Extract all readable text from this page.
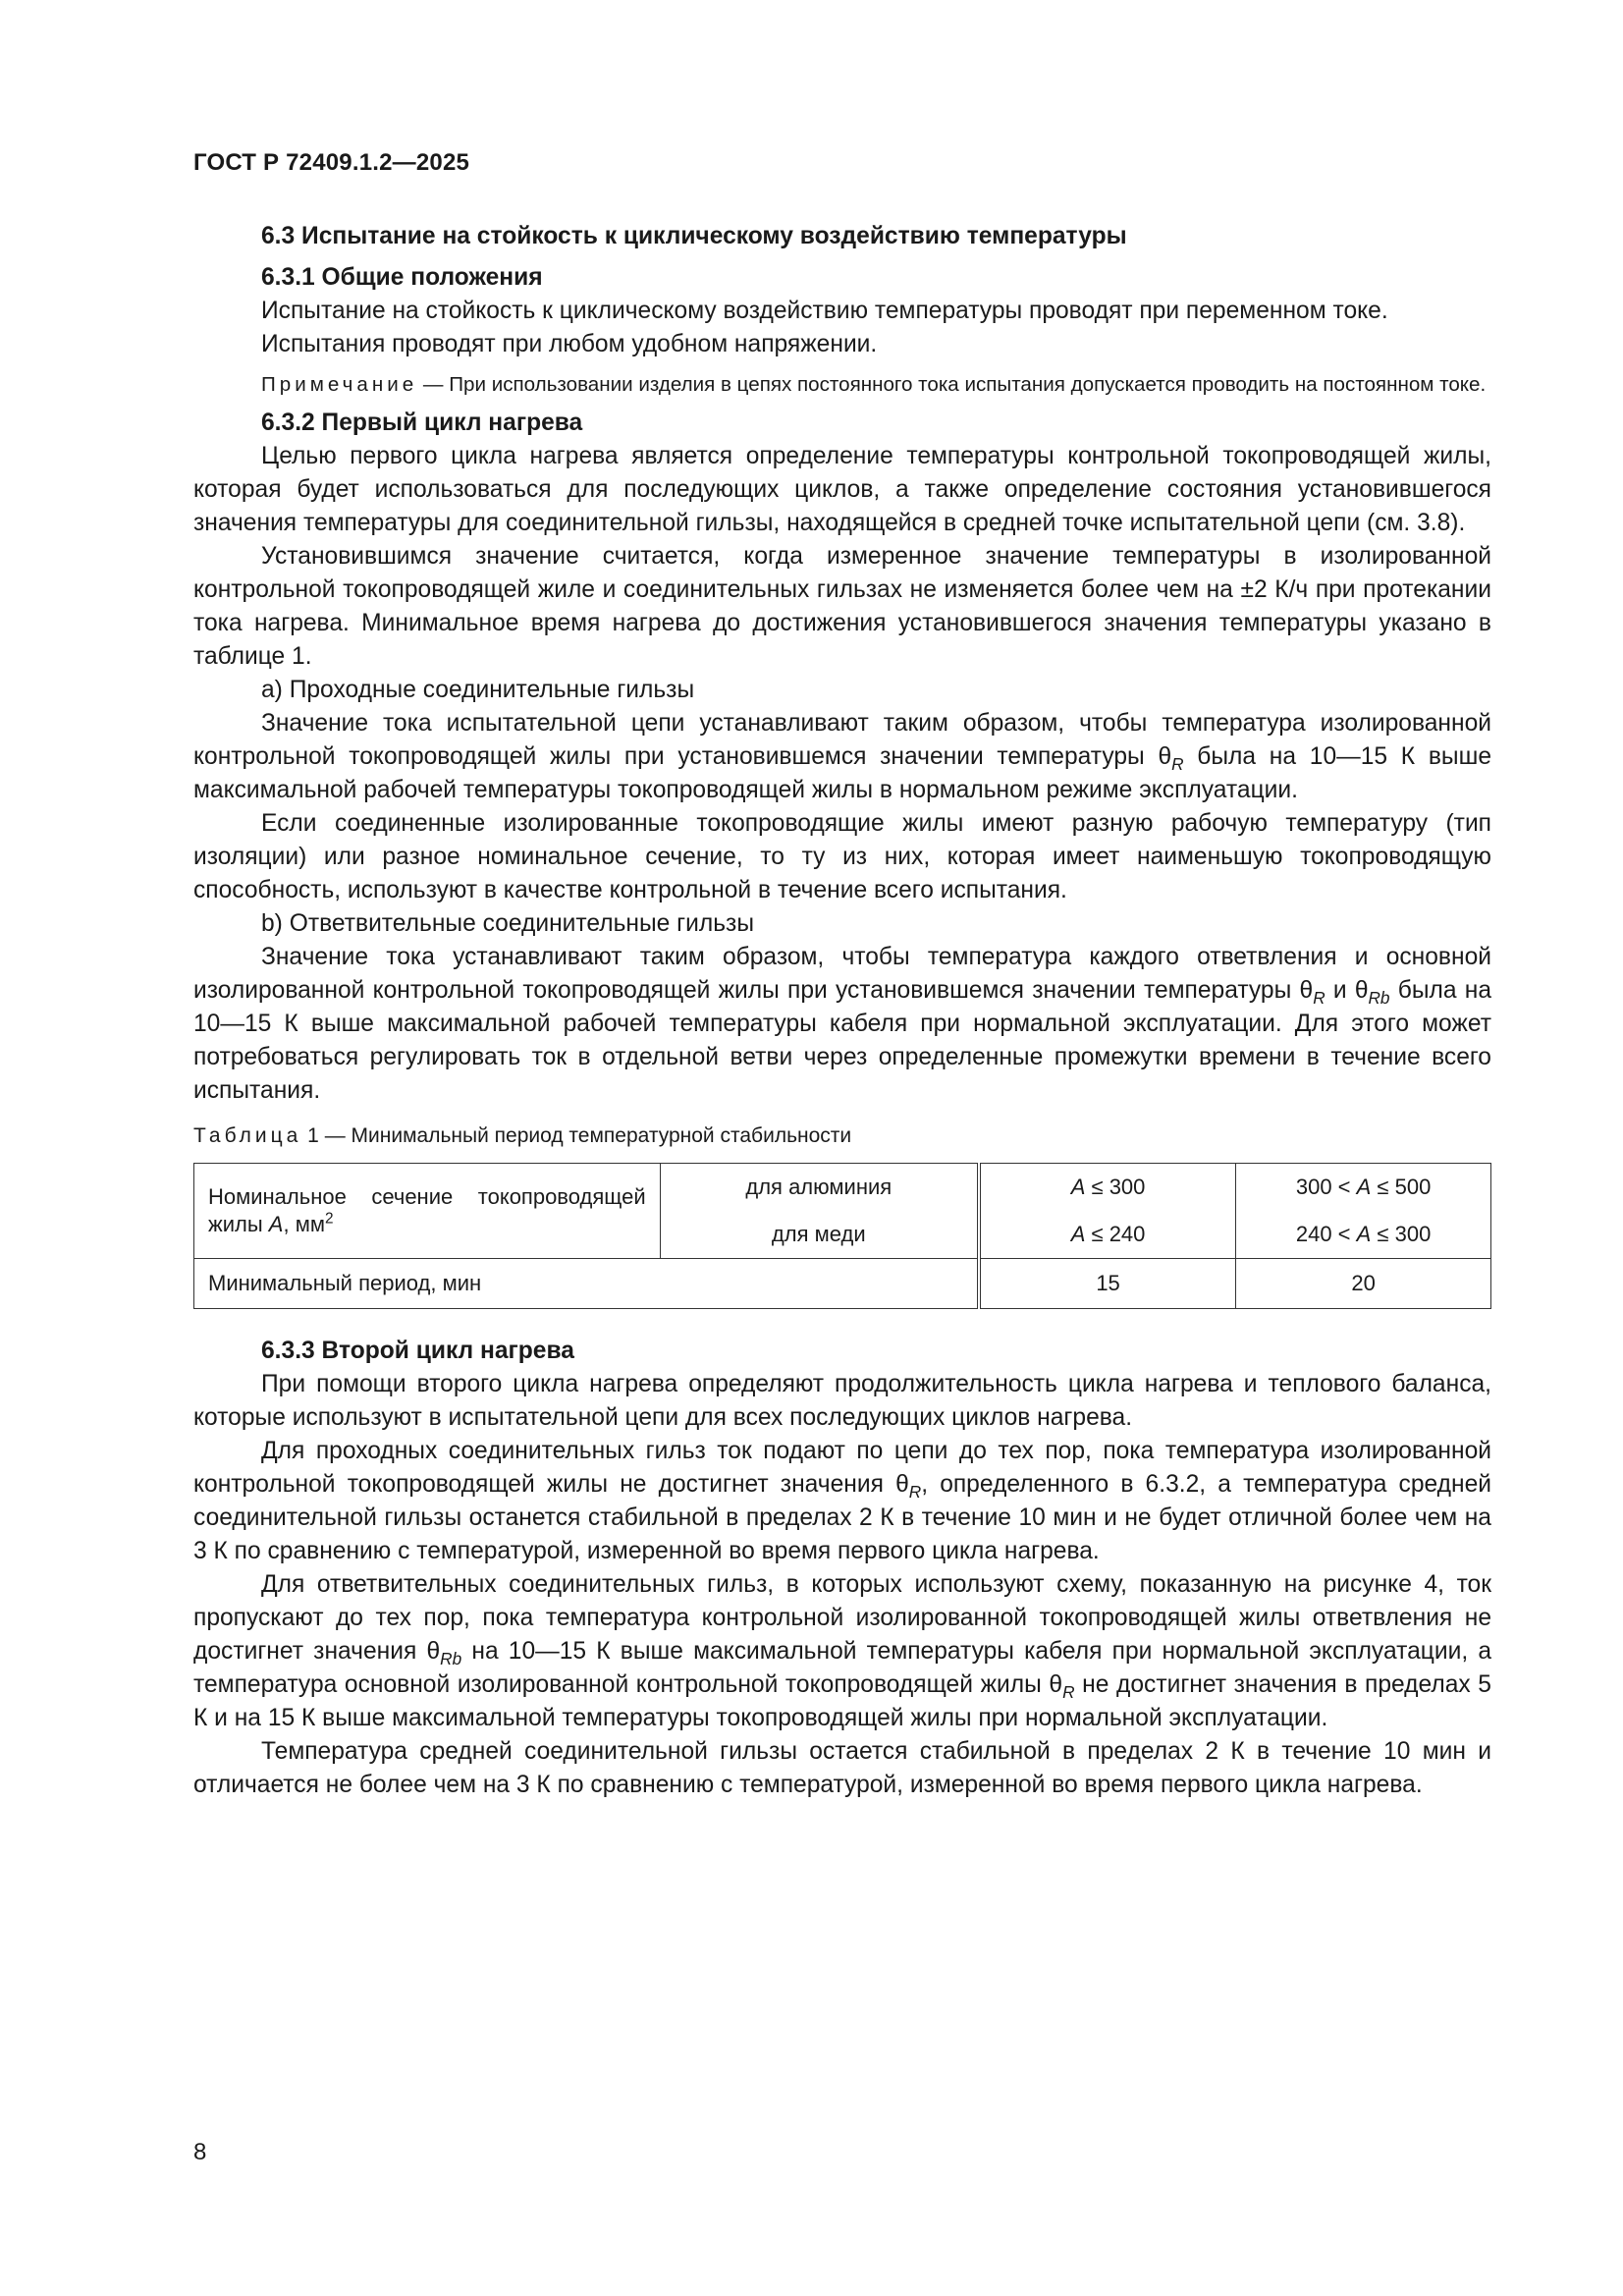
ГОСТ Р 72409.1.2—2025

6.3 Испытание на стойкость к циклическому воздействию температуры

6.3.1 Общие положения

Испытание на стойкость к циклическому воздействию температуры проводят при переменном токе.

Испытания проводят при любом удобном напряжении.

Примечание — При использовании изделия в цепях постоянного тока испытания допускается проводить на постоянном токе.

6.3.2 Первый цикл нагрева

Целью первого цикла нагрева является определение температуры контрольной токопроводящей жилы, которая будет использоваться для последующих циклов, а также определение состояния установившегося значения температуры для соединительной гильзы, находящейся в средней точке испытательной цепи (см. 3.8).

Установившимся значение считается, когда измеренное значение температуры в изолированной контрольной токопроводящей жиле и соединительных гильзах не изменяется более чем на ±2 К/ч при протекании тока нагрева. Минимальное время нагрева до достижения установившегося значения температуры указано в таблице 1.

a) Проходные соединительные гильзы

Значение тока испытательной цепи устанавливают таким образом, чтобы температура изолированной контрольной токопроводящей жилы при установившемся значении температуры $\theta_R$ была на 10—15 К выше максимальной рабочей температуры токопроводящей жилы в нормальном режиме эксплуатации.

Если соединенные изолированные токопроводящие жилы имеют разную рабочую температуру (тип изоляции) или разное номинальное сечение, то ту из них, которая имеет наименьшую токопроводящую способность, используют в качестве контрольной в течение всего испытания.

b) Ответвительные соединительные гильзы

Значение тока устанавливают таким образом, чтобы температура каждого ответвления и основной изолированной контрольной токопроводящей жилы при установившемся значении температуры $\theta_R$ и $\theta_{Rb}$ была на 10—15 К выше максимальной рабочей температуры кабеля при нормальной эксплуатации. Для этого может потребоваться регулировать ток в отдельной ветви через определенные промежутки времени в течение всего испытания.

Таблица 1 — Минимальный период температурной стабильности

Номинальное сечение токопроводящей жилы A, $мм^2$	для алюминия	A ≤ 300	300 < A ≤ 500
	для меди	A ≤ 240	240 < A ≤ 300
Минимальный период, мин		15	20

6.3.3 Второй цикл нагрева

При помощи второго цикла нагрева определяют продолжительность цикла нагрева и теплового баланса, которые используют в испытательной цепи для всех последующих циклов нагрева.

Для проходных соединительных гильз ток подают по цепи до тех пор, пока температура изолированной контрольной токопроводящей жилы не достигнет значения $\theta_R$, определенного в 6.3.2, а температура средней соединительной гильзы останется стабильной в пределах 2 К в течение 10 мин и не будет отличной более чем на 3 К по сравнению с температурой, измеренной во время первого цикла нагрева.

Для ответвительных соединительных гильз, в которых используют схему, показанную на рисунке 4, ток пропускают до тех пор, пока температура контрольной изолированной токопроводящей жилы ответвления не достигнет значения $\theta_{Rb}$ на 10—15 К выше максимальной температуры кабеля при нормальной эксплуатации, а температура основной изолированной контрольной токопроводящей жилы $\theta_R$ не достигнет значения в пределах 5 К и на 15 К выше максимальной температуры токопроводящей жилы при нормальной эксплуатации.

Температура средней соединительной гильзы остается стабильной в пределах 2 К в течение 10 мин и отличается не более чем на 3 К по сравнению с температурой, измеренной во время первого цикла нагрева.

8
